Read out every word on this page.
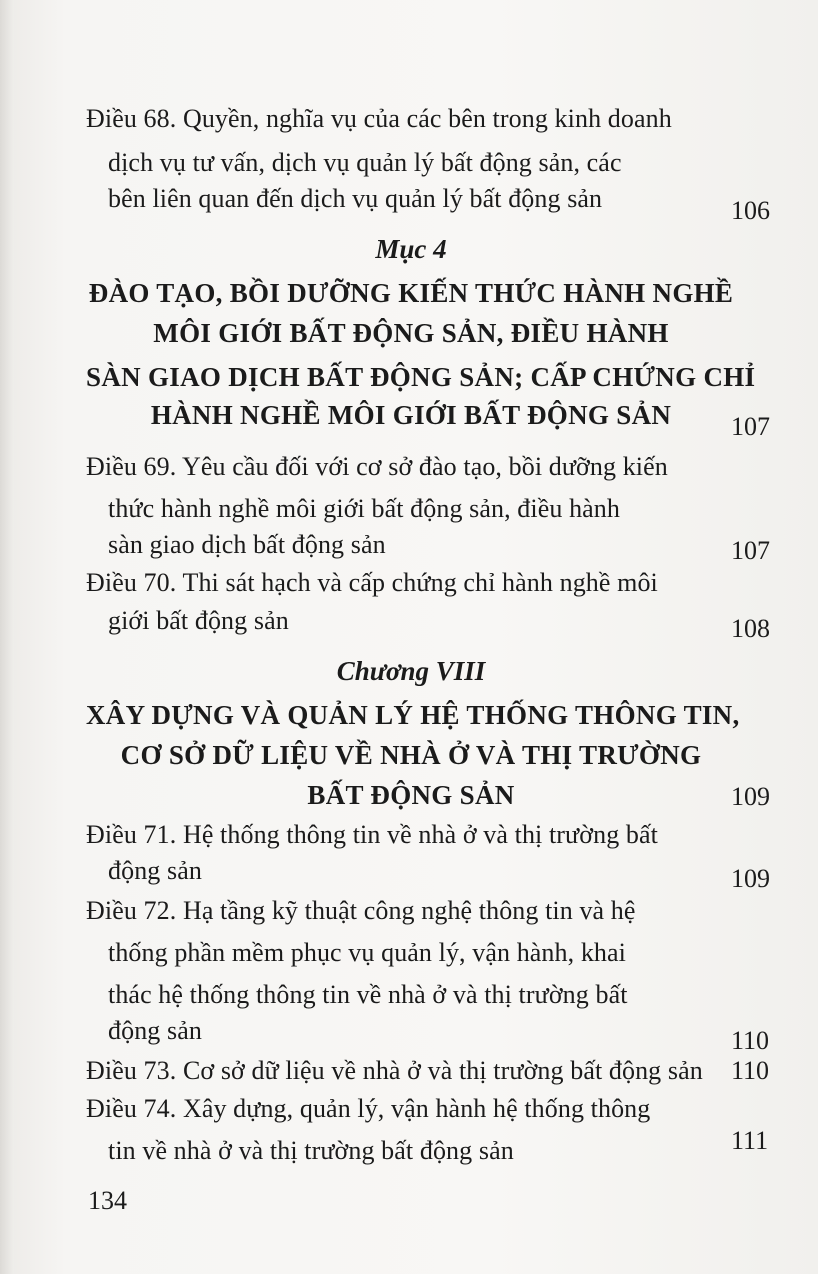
Điều 68. Quyền, nghĩa vụ của các bên trong kinh doanh
dịch vụ tư vấn, dịch vụ quản lý bất động sản, các
bên liên quan đến dịch vụ quản lý bất động sản	106
Mục 4
ĐÀO TẠO, BỒI DƯỠNG KIẾN THỨC HÀNH NGHỀ
MÔI GIỚI BẤT ĐỘNG SẢN, ĐIỀU HÀNH
SÀN GIAO DỊCH BẤT ĐỘNG SẢN; CẤP CHỨNG CHỈ
HÀNH NGHỀ MÔI GIỚI BẤT ĐỘNG SẢN	107
Điều 69. Yêu cầu đối với cơ sở đào tạo, bồi dưỡng kiến
thức hành nghề môi giới bất động sản, điều hành
sàn giao dịch bất động sản	107
Điều 70. Thi sát hạch và cấp chứng chỉ hành nghề môi
giới bất động sản	108
Chương VIII
XÂY DỰNG VÀ QUẢN LÝ HỆ THỐNG THÔNG TIN,
CƠ SỞ DỮ LIỆU VỀ NHÀ Ở VÀ THỊ TRƯỜNG
BẤT ĐỘNG SẢN	109
Điều 71. Hệ thống thông tin về nhà ở và thị trường bất
động sản	109
Điều 72. Hạ tầng kỹ thuật công nghệ thông tin và hệ
thống phần mềm phục vụ quản lý, vận hành, khai
thác hệ thống thông tin về nhà ở và thị trường bất
động sản	110
Điều 73. Cơ sở dữ liệu về nhà ở và thị trường bất động sản 110
Điều 74. Xây dựng, quản lý, vận hành hệ thống thông
tin về nhà ở và thị trường bất động sản	111
134
